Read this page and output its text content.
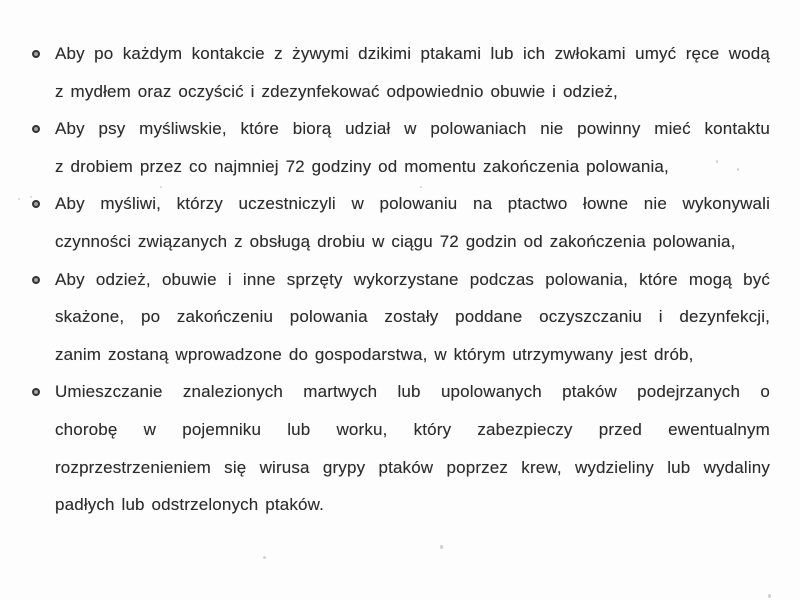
Aby po każdym kontakcie z żywymi dzikimi ptakami lub ich zwłokami umyć ręce wodą
z mydłem oraz oczyścić i zdezynfekować odpowiednio obuwie i odzież,
Aby psy myśliwskie, które biorą udział w polowaniach nie powinny mieć kontaktu
z drobiem przez co najmniej 72 godziny od momentu zakończenia polowania,
Aby myśliwi, którzy uczestniczyli w polowaniu na ptactwo łowne nie wykonywali
czynności związanych z obsługą drobiu w ciągu 72 godzin od zakończenia polowania,
Aby odzież, obuwie i inne sprzęty wykorzystane podczas polowania, które mogą być
skażone, po zakończeniu polowania zostały poddane oczyszczaniu i dezynfekcji,
zanim zostaną wprowadzone do gospodarstwa, w którym utrzymywany jest drób,
Umieszczanie znalezionych martwych lub upolowanych ptaków podejrzanych o
chorobę w pojemniku lub worku, który zabezpieczy przed ewentualnym
rozprzestrzenieniem się wirusa grypy ptaków poprzez krew, wydzieliny lub wydaliny
padłych lub odstrzelonych ptaków.
